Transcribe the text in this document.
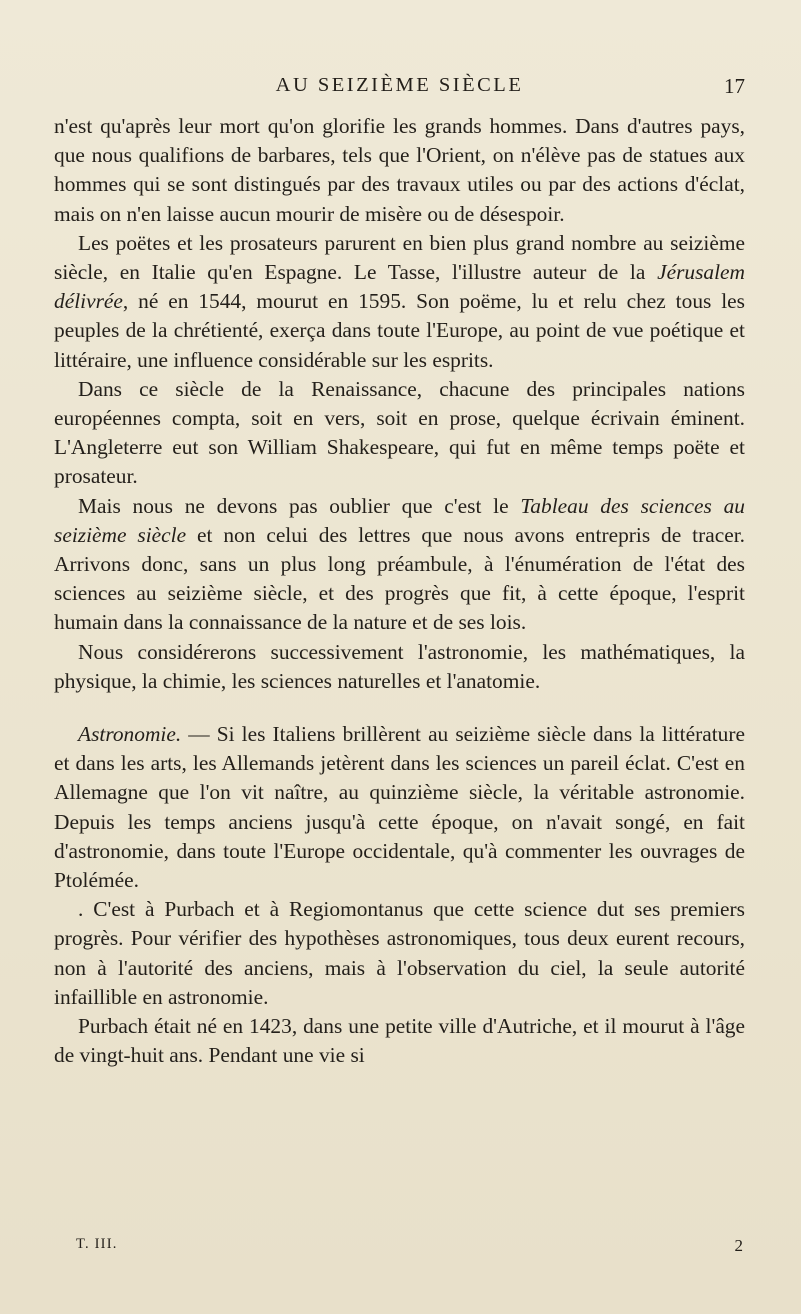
AU SEIZIÈME SIÈCLE	17

n'est qu'après leur mort qu'on glorifie les grands hommes. Dans d'autres pays, que nous qualifions de barbares, tels que l'Orient, on n'élève pas de statues aux hommes qui se sont distingués par des travaux utiles ou par des actions d'éclat, mais on n'en laisse aucun mourir de misère ou de désespoir.

Les poëtes et les prosateurs parurent en bien plus grand nombre au seizième siècle, en Italie qu'en Espagne. Le Tasse, l'illustre auteur de la Jérusalem délivrée, né en 1544, mourut en 1595. Son poëme, lu et relu chez tous les peuples de la chrétienté, exerça dans toute l'Europe, au point de vue poétique et littéraire, une influence considérable sur les esprits.

Dans ce siècle de la Renaissance, chacune des principales nations européennes compta, soit en vers, soit en prose, quelque écrivain éminent. L'Angleterre eut son William Shakespeare, qui fut en même temps poëte et prosateur.

Mais nous ne devons pas oublier que c'est le Tableau des sciences au seizième siècle et non celui des lettres que nous avons entrepris de tracer. Arrivons donc, sans un plus long préambule, à l'énumération de l'état des sciences au seizième siècle, et des progrès que fit, à cette époque, l'esprit humain dans la connaissance de la nature et de ses lois.

Nous considérerons successivement l'astronomie, les mathématiques, la physique, la chimie, les sciences naturelles et l'anatomie.

Astronomie. — Si les Italiens brillèrent au seizième siècle dans la littérature et dans les arts, les Allemands jetèrent dans les sciences un pareil éclat. C'est en Allemagne que l'on vit naître, au quinzième siècle, la véritable astronomie. Depuis les temps anciens jusqu'à cette époque, on n'avait songé, en fait d'astronomie, dans toute l'Europe occidentale, qu'à commenter les ouvrages de Ptolémée.

. C'est à Purbach et à Regiomontanus que cette science dut ses premiers progrès. Pour vérifier des hypothèses astronomiques, tous deux eurent recours, non à l'autorité des anciens, mais à l'observation du ciel, la seule autorité infaillible en astronomie.

Purbach était né en 1423, dans une petite ville d'Autriche, et il mourut à l'âge de vingt-huit ans. Pendant une vie si

T. III.	2
